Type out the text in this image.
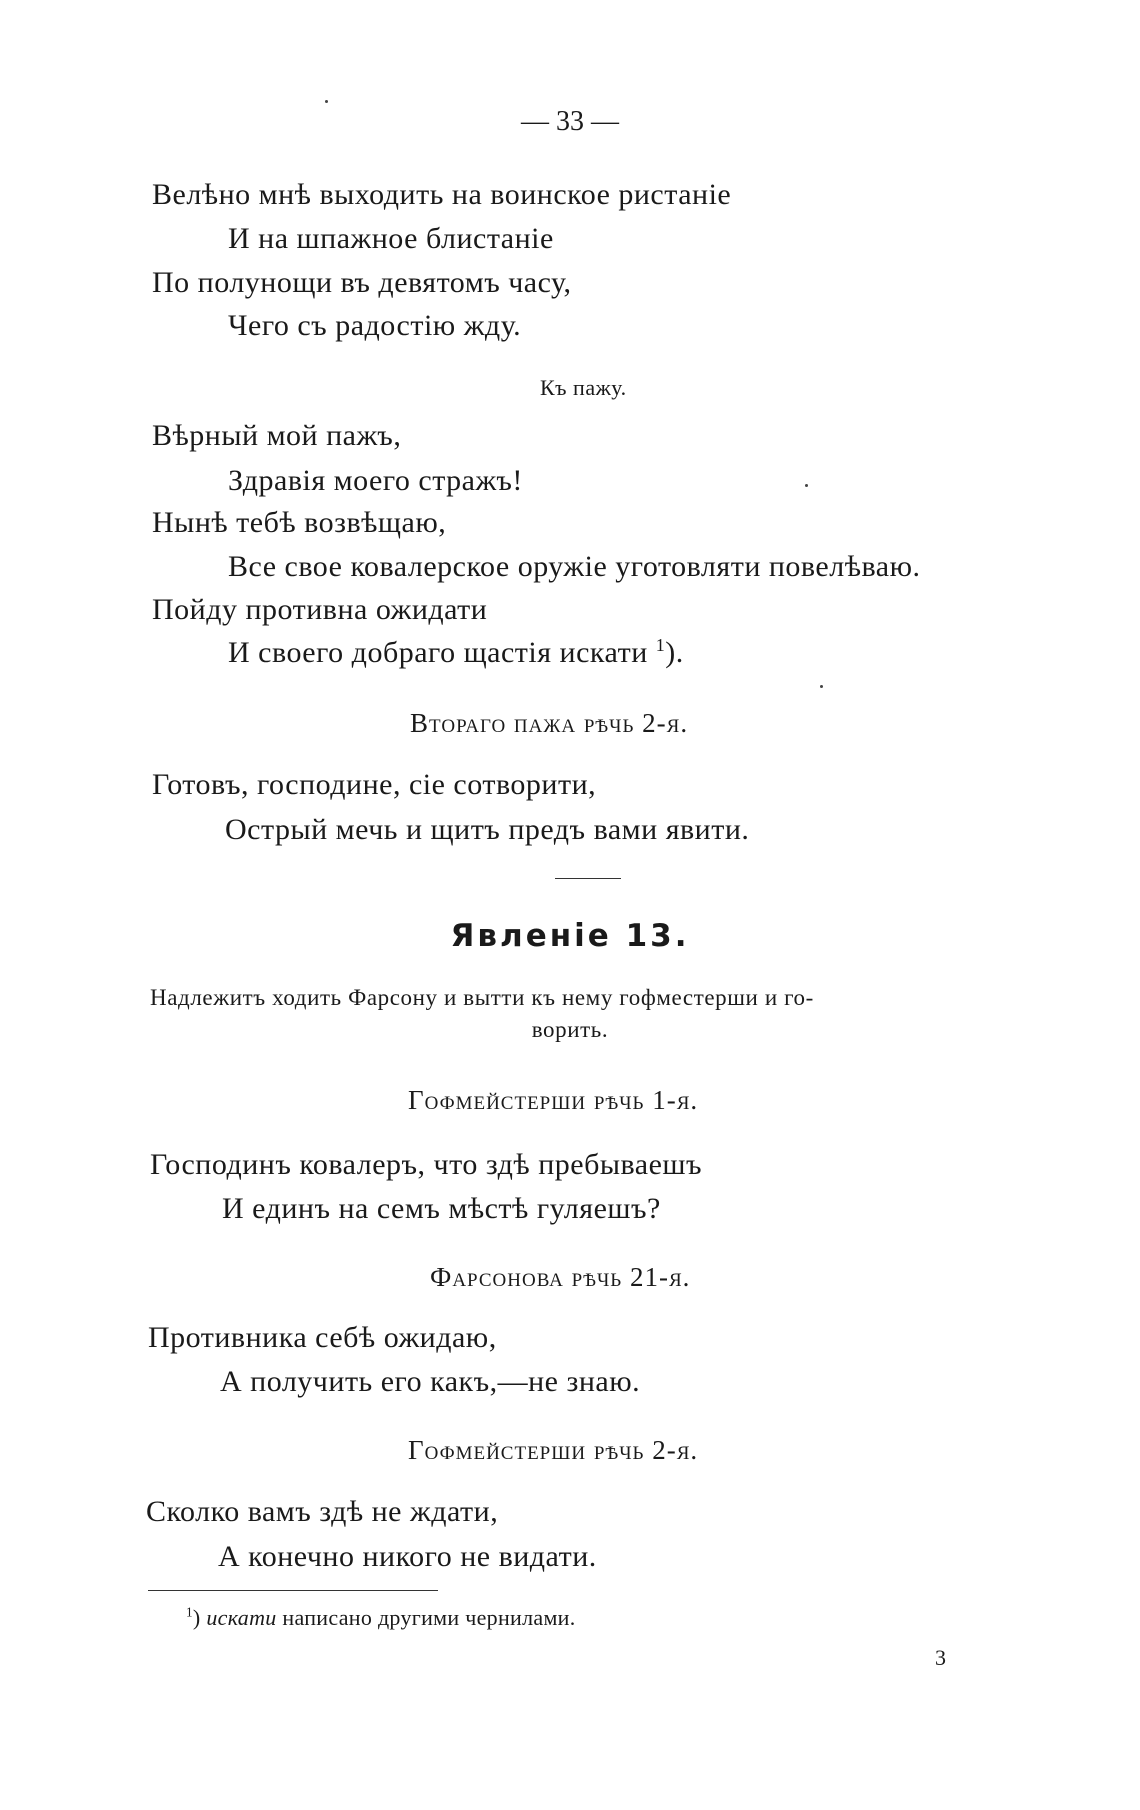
— 33 —
Велѣно мнѣ выходить на воинское ристаніе
И на шпажное блистаніе
По полунощи въ девятомъ часу,
Чего съ радостію жду.
Къ пажу.
Вѣрный мой пажъ,
Здравія моего стражъ!
Нынѣ тебѣ возвѣщаю,
Все свое ковалерское оружіе уготовляти повелѣваю.
Пойду противна ожидати
И своего добраго щастія искати $^1$).
Втораго пажа рѣчь 2-я.
Готовъ, господине, сіе сотворити,
Острый мечь и щитъ предъ вами явити.
Явленіе 13.
Надлежитъ ходить Фарсону и вытти къ нему гофместерши и го-
ворить.
Гофмейстерши рѣчь 1-я.
Господинъ ковалеръ, что здѣ пребываешъ
И единъ на семъ мѣстѣ гуляешъ?
Фарсонова рѣчь 21-я.
Противника себѣ ожидаю,
А получить его какъ,—не знаю.
Гофмейстерши рѣчь 2-я.
Сколко вамъ здѣ не ждати,
А конечно никого не видати.
$^1$) искати написано другими чернилами.
3
